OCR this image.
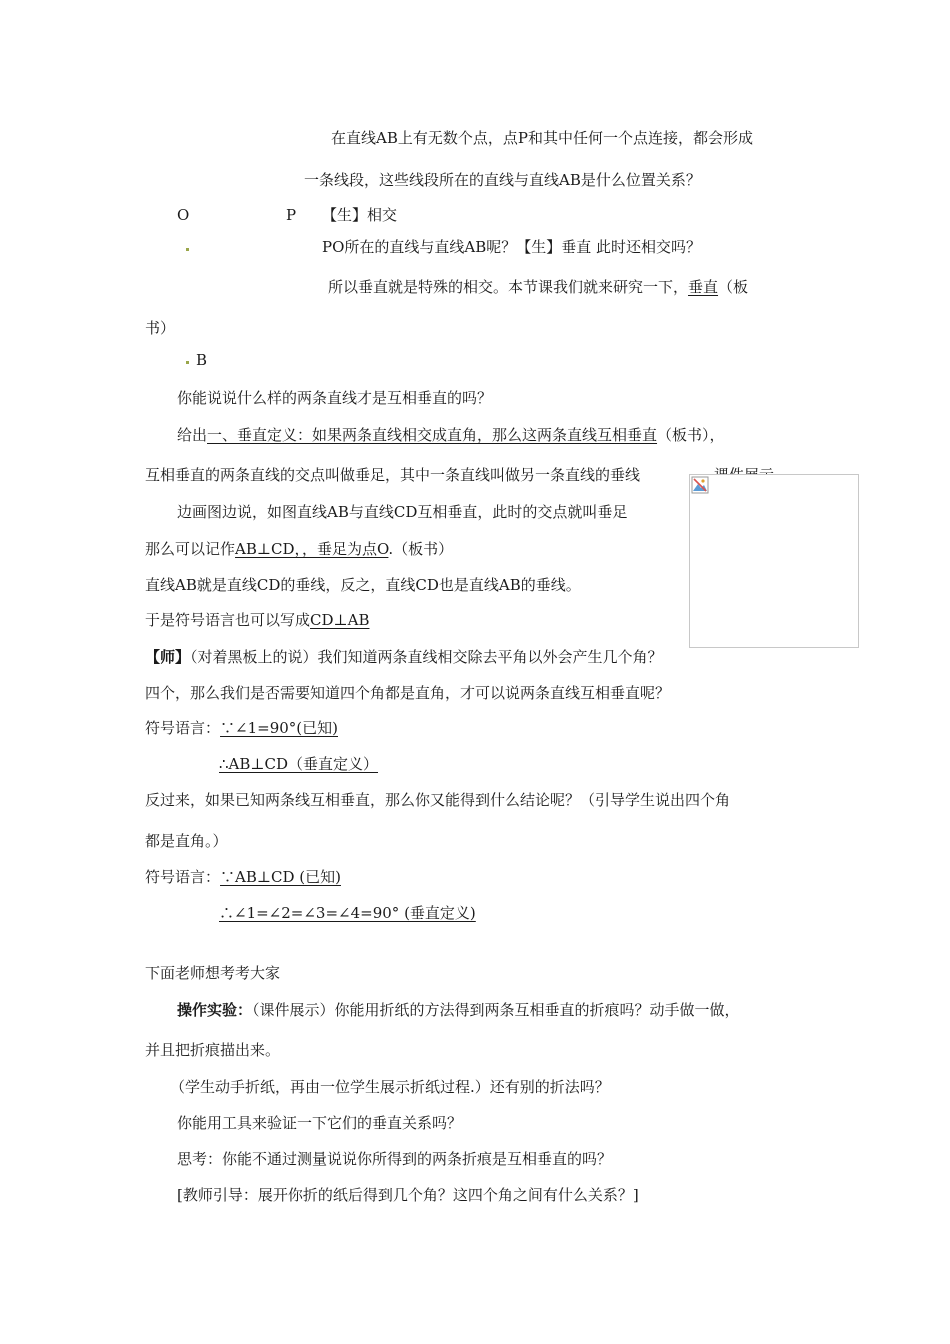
在直线AB上有无数个点，点P和其中任何一个点连接，都会形成
一条线段，这些线段所在的直线与直线AB是什么位置关系？
O	P 【生】相交
PO所在的直线与直线AB呢？【生】垂直 此时还相交吗？
所以垂直就是特殊的相交。本节课我们就来研究一下，垂直（板
书）
B
你能说说什么样的两条直线才是互相垂直的吗？
给出一、垂直定义：如果两条直线相交成直角，那么这两条直线互相垂直（板书），
互相垂直的两条直线的交点叫做垂足，其中一条直线叫做另一条直线的垂线
边画图边说，如图直线AB与直线CD互相垂直，此时的交点就叫垂足
那么可以记作AB⊥CD，，垂足为点O.（板书）
直线AB就是直线CD的垂线，反之，直线CD也是直线AB的垂线。
于是符号语言也可以写成CD⊥AB
【师】（对着黑板上的说）我们知道两条直线相交除去平角以外会产生几个角？
四个，那么我们是否需要知道四个角都是直角，才可以说两条直线互相垂直呢？
符号语言：∵∠1=90°(已知)
∴AB⊥CD（垂直定义）
反过来，如果已知两条线互相垂直，那么你又能得到什么结论呢？（引导学生说出四个角
都是直角。）
符号语言：∵AB⊥CD (已知)
∴∠1=∠2=∠3=∠4=90° (垂直定义)
下面老师想考考大家
操作实验：（课件展示）你能用折纸的方法得到两条互相垂直的折痕吗？动手做一做，
并且把折痕描出来。
（学生动手折纸，再由一位学生展示折纸过程.）还有别的折法吗？
你能用工具来验证一下它们的垂直关系吗？
思考：你能不通过测量说说你所得到的两条折痕是互相垂直的吗？
[教师引导：展开你折的纸后得到几个角？这四个角之间有什么关系？]
